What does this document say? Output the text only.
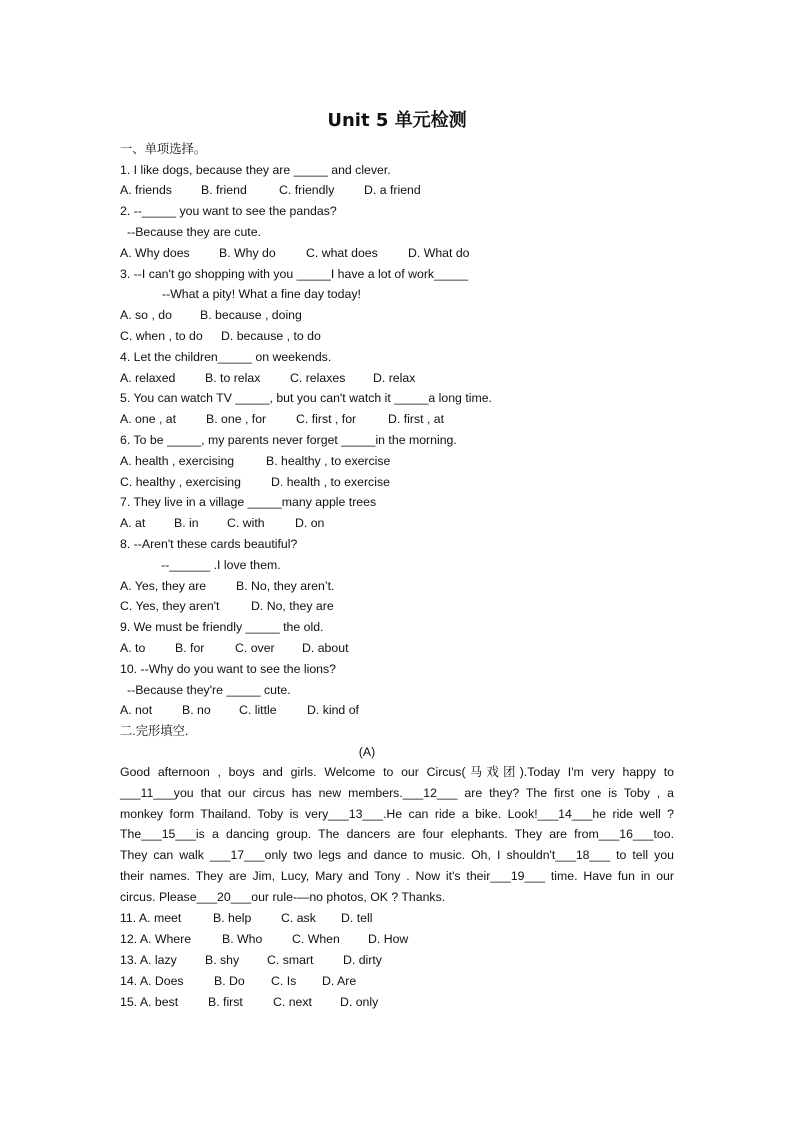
Unit 5 单元检测
一、单项选择。
1. I like dogs, because they are _____ and clever.
A. friends B. friend	C. friendly D. a friend
2. --_____ you want to see the pandas?
--Because they are cute.
A. Why does B. Why do C. what does D. What do
3. --I can't go shopping with you _____I have a lot of work_____
--What a pity! What a fine day today!
A. so , do B. because , doing
C. when , to do D. because , to do
4. Let the children_____ on weekends.
A. relaxed B. to relax C. relaxes D. relax
5. You can watch TV _____, but you can't watch it _____a long time.
A. one , at B. one , for C. first , for	D. first , at
6. To be _____, my parents never forget _____in the morning.
A. health , exercising	B. healthy , to exercise
C. healthy , exercising D. health , to exercise
7. They live in a village _____many apple trees
A. at B. in C. with D. on
8. --Aren't these cards beautiful?
--______ .I love them.
A. Yes, they are B. No, they aren’t.
C. Yes, they aren't	D. No, they are
9. We must be friendly _____ the old.
A. to B. for C. over D. about
10. --Why do you want to see the lions?
--Because they're _____ cute.
A. not B. no C. little D. kind of
二.完形填空.
(A)
Good afternoon , boys and girls. Welcome to our Circus(马戏团).Today I'm very happy to
___11___you that our circus has new members.___12___ are they? The first one is Toby , a
monkey form Thailand. Toby is very___13___.He can ride a bike. Look!___14___he ride well ?
The___15___is a dancing group. The dancers are four elephants. They are from___16___too.
They can walk ___17___only two legs and dance to music. Oh, I shouldn't___18___ to tell you
their names. They are Jim, Lucy, Mary and Tony . Now it's their___19___ time. Have fun in our
circus. Please___20___our rule-—no photos, OK ? Thanks.
11. A. meet	B. help C. ask D. tell
12. A. Where	B. Who C. When D. How
13. A. lazy B. shy C. smart D. dirty
14. A. Does B. Do C. Is D. Are
15. A. best B. first C. next D. only
